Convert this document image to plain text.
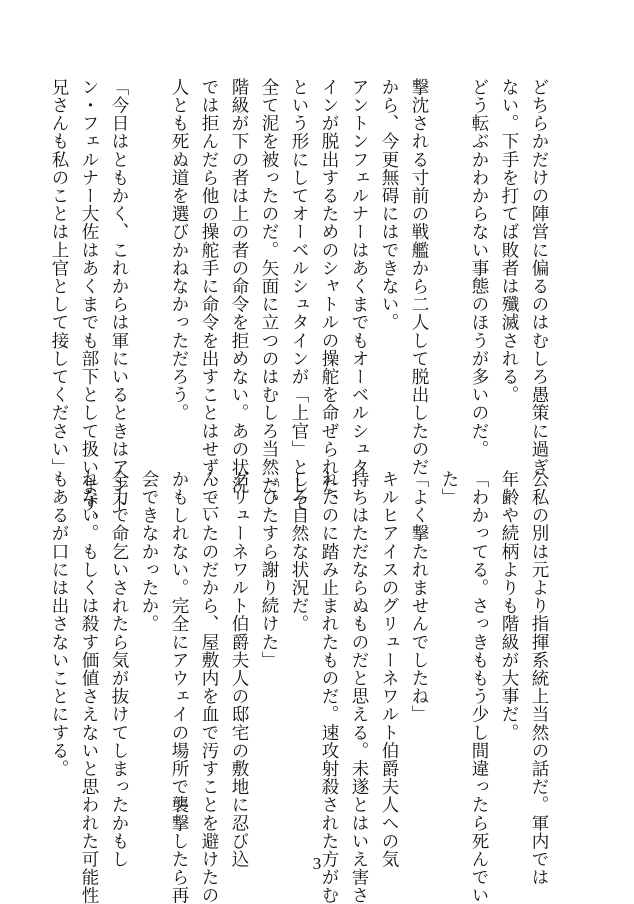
どちらかだけの陣営に偏るのはむしろ愚策に過ぎ
ない。下手を打てば敗者は殲滅される。
どう転ぶかわからない事態のほうが多いのだ。
撃沈される寸前の戦艦から二人して脱出したのだ
から、今更無碍にはできない。
アントンフェルナーはあくまでもオーベルシュタ
インが脱出するためのシャトルの操舵を命ぜられた、
という形にしてオーベルシュタインが「上官」として
全て泥を被ったのだ。矢面に立つのはむしろ当然だ。
階級が下の者は上の者の命令を拒めない。あの状況
では拒んだら他の操舵手に命令を出すことはせず、二
人とも死ぬ道を選びかねなかっただろう。
「今日はともかく、これからは軍にいるときはアント
ン・フェルナー大佐はあくまでも部下として扱います。
兄さんも私のことは上官として接してください」
公私の別は元より指揮系統上当然の話だ。軍内では
年齢や続柄よりも階級が大事だ。
「わかってる。さっきももう少し間違ったら死んでい
た」
「よく撃たれませんでしたね」
キルヒアイスのグリューネワルト伯爵夫人への気
持ちはただならぬものだと思える。未遂とはいえ害さ
れたのに踏み止まれたものだ。速攻射殺された方がむ
しろ自然な状況だ。
「ひたすら謝り続けた」
グリューネワルト伯爵夫人の邸宅の敷地に忍び込
んでいたのだから、屋敷内を血で汚すことを避けたの
かもしれない。完全にアウェイの場所で襲撃したら再
会できなかったか。
全力で命乞いされたら気が抜けてしまったかもし
れない。もしくは殺す価値さえないと思われた可能性
もあるが口には出さないことにする。
3
